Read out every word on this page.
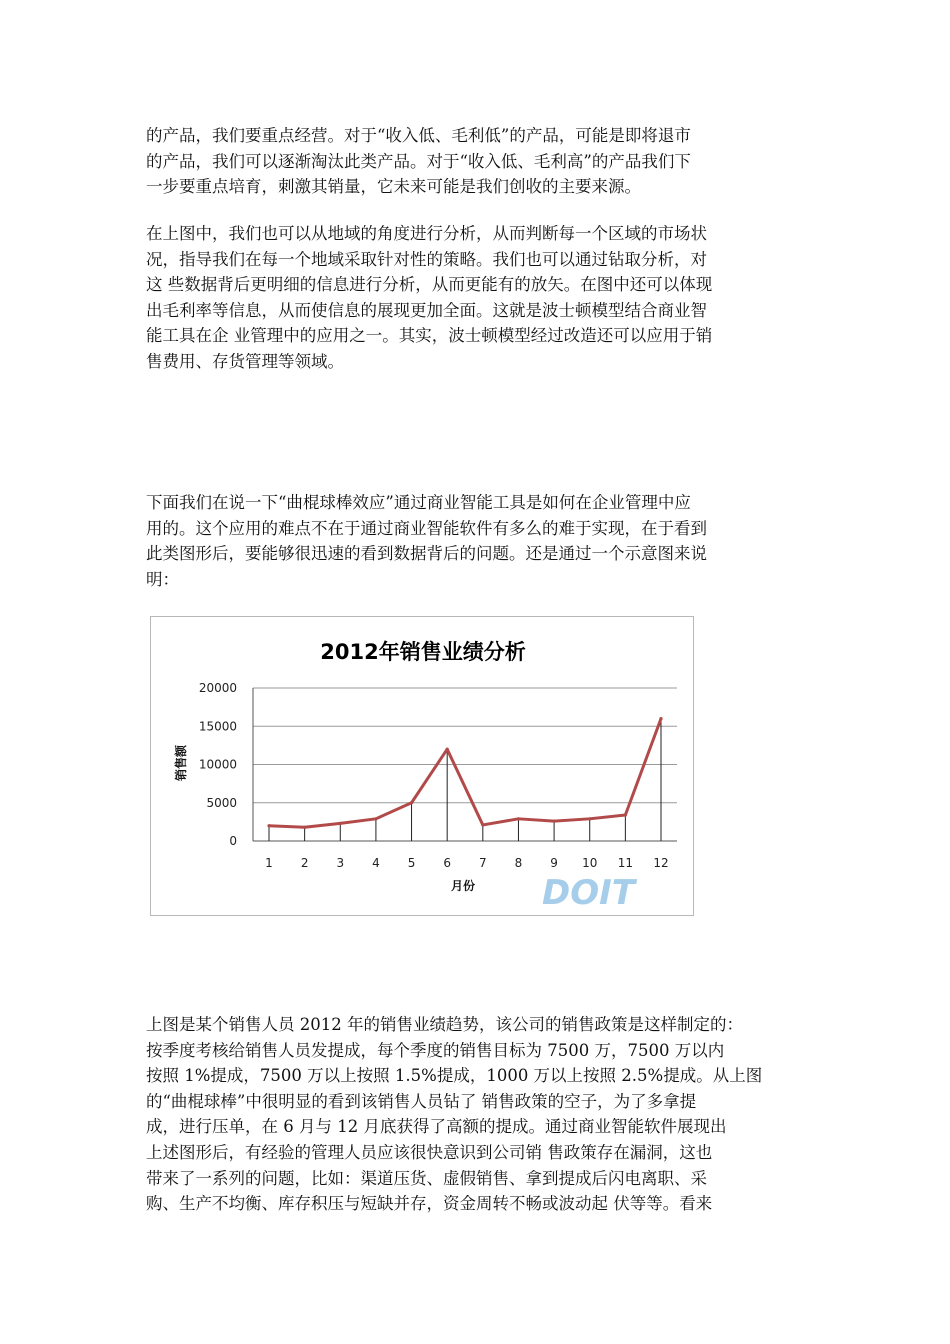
的产品，我们要重点经营。对于“收入低、毛利低”的产品，可能是即将退市
的产品，我们可以逐渐淘汰此类产品。对于“收入低、毛利高”的产品我们下
一步要重点培育，刺激其销量，它未来可能是我们创收的主要来源。

在上图中，我们也可以从地域的角度进行分析，从而判断每一个区域的市场状
况，指导我们在每一个地域采取针对性的策略。我们也可以通过钻取分析，对
这 些数据背后更明细的信息进行分析，从而更能有的放矢。在图中还可以体现
出毛利率等信息，从而使信息的展现更加全面。这就是波士顿模型结合商业智
能工具在企 业管理中的应用之一。其实，波士顿模型经过改造还可以应用于销
售费用、存货管理等领域。

下面我们在说一下“曲棍球棒效应”通过商业智能工具是如何在企业管理中应
用的。这个应用的难点不在于通过商业智能软件有多么的难于实现，在于看到
此类图形后，要能够很迅速的看到数据背后的问题。还是通过一个示意图来说
明：

2012年销售业绩分析
月份
销售额
DOIT
0
5000
10000
15000
20000
1 2 3 4 5 6 7 8 9 10 11 12

上图是某个销售人员 2012 年的销售业绩趋势，该公司的销售政策是这样制定的：
按季度考核给销售人员发提成，每个季度的销售目标为 7500 万，7500 万以内
按照 1%提成，7500 万以上按照 1.5%提成，1000 万以上按照 2.5%提成。从上图
的“曲棍球棒”中很明显的看到该销售人员钻了 销售政策的空子，为了多拿提
成，进行压单，在 6 月与 12 月底获得了高额的提成。通过商业智能软件展现出
上述图形后，有经验的管理人员应该很快意识到公司销 售政策存在漏洞，这也
带来了一系列的问题，比如：渠道压货、虚假销售、拿到提成后闪电离职、采
购、生产不均衡、库存积压与短缺并存，资金周转不畅或波动起 伏等等。看来
